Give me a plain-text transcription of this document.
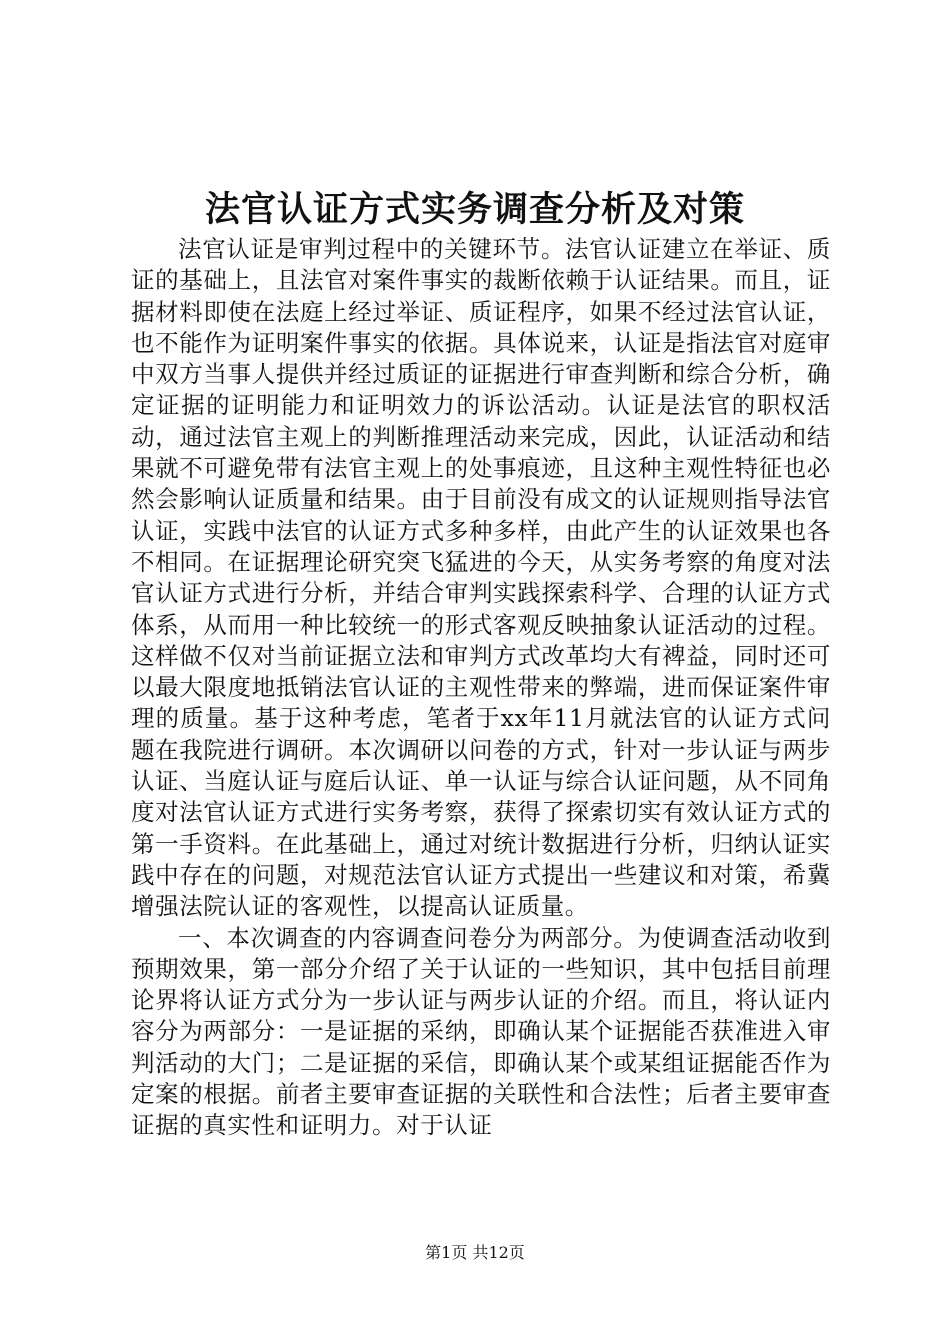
法官认证方式实务调查分析及对策

法官认证是审判过程中的关键环节。法官认证建立在举证、质证的基础上，且法官对案件事实的裁断依赖于认证结果。而且，证据材料即使在法庭上经过举证、质证程序，如果不经过法官认证，也不能作为证明案件事实的依据。具体说来，认证是指法官对庭审中双方当事人提供并经过质证的证据进行审查判断和综合分析，确定证据的证明能力和证明效力的诉讼活动。认证是法官的职权活动，通过法官主观上的判断推理活动来完成，因此，认证活动和结果就不可避免带有法官主观上的处事痕迹，且这种主观性特征也必然会影响认证质量和结果。由于目前没有成文的认证规则指导法官认证，实践中法官的认证方式多种多样，由此产生的认证效果也各不相同。在证据理论研究突飞猛进的今天，从实务考察的角度对法官认证方式进行分析，并结合审判实践探索科学、合理的认证方式体系，从而用一种比较统一的形式客观反映抽象认证活动的过程。这样做不仅对当前证据立法和审判方式改革均大有裨益，同时还可以最大限度地抵销法官认证的主观性带来的弊端，进而保证案件审理的质量。基于这种考虑，笔者于xx年11月就法官的认证方式问题在我院进行调研。本次调研以问卷的方式，针对一步认证与两步认证、当庭认证与庭后认证、单一认证与综合认证问题，从不同角度对法官认证方式进行实务考察，获得了探索切实有效认证方式的第一手资料。在此基础上，通过对统计数据进行分析，归纳认证实践中存在的问题，对规范法官认证方式提出一些建议和对策，希冀增强法院认证的客观性，以提高认证质量。

一、本次调查的内容调查问卷分为两部分。为使调查活动收到预期效果，第一部分介绍了关于认证的一些知识，其中包括目前理论界将认证方式分为一步认证与两步认证的介绍。而且，将认证内容分为两部分：一是证据的采纳，即确认某个证据能否获准进入审判活动的大门；二是证据的采信，即确认某个或某组证据能否作为定案的根据。前者主要审查证据的关联性和合法性；后者主要审查证据的真实性和证明力。对于认证

第1页 共12页
